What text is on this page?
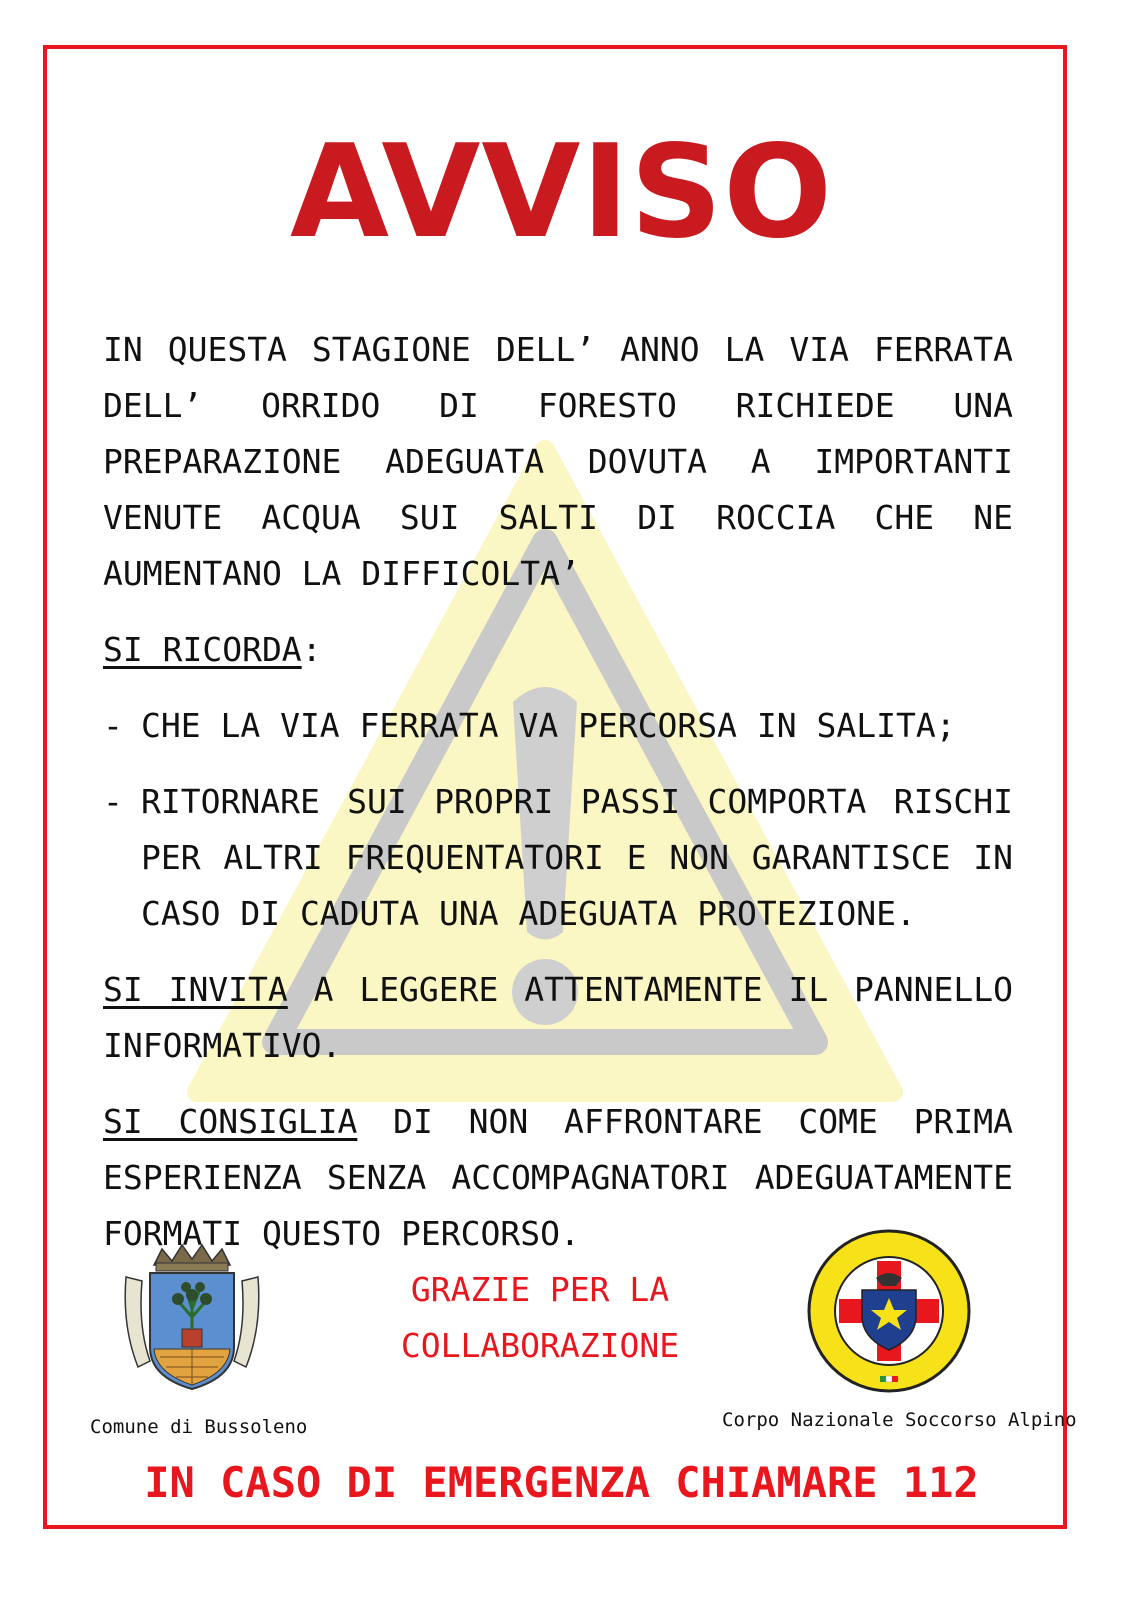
AVVISO

IN QUESTA STAGIONE DELL’ ANNO LA VIA FERRATA DELL’ ORRIDO DI FORESTO RICHIEDE UNA PREPARAZIONE ADEGUATA DOVUTA A IMPORTANTI VENUTE ACQUA SUI SALTI DI ROCCIA CHE NE AUMENTANO LA DIFFICOLTA’

SI RICORDA:

- CHE LA VIA FERRATA VA PERCORSA IN SALITA;
- RITORNARE SUI PROPRI PASSI COMPORTA RISCHI PER ALTRI FREQUENTATORI E NON GARANTISCE IN CASO DI CADUTA UNA ADEGUATA PROTEZIONE.

SI INVITA A LEGGERE ATTENTAMENTE IL PANNELLO INFORMATIVO.

SI CONSIGLIA DI NON AFFRONTARE COME PRIMA ESPERIENZA SENZA ACCOMPAGNATORI ADEGUATAMENTE FORMATI QUESTO PERCORSO.

GRAZIE PER LA
COLLABORAZIONE
Comune di Bussoleno	Corpo Nazionale Soccorso Alpino
IN CASO DI EMERGENZA CHIAMARE 112
